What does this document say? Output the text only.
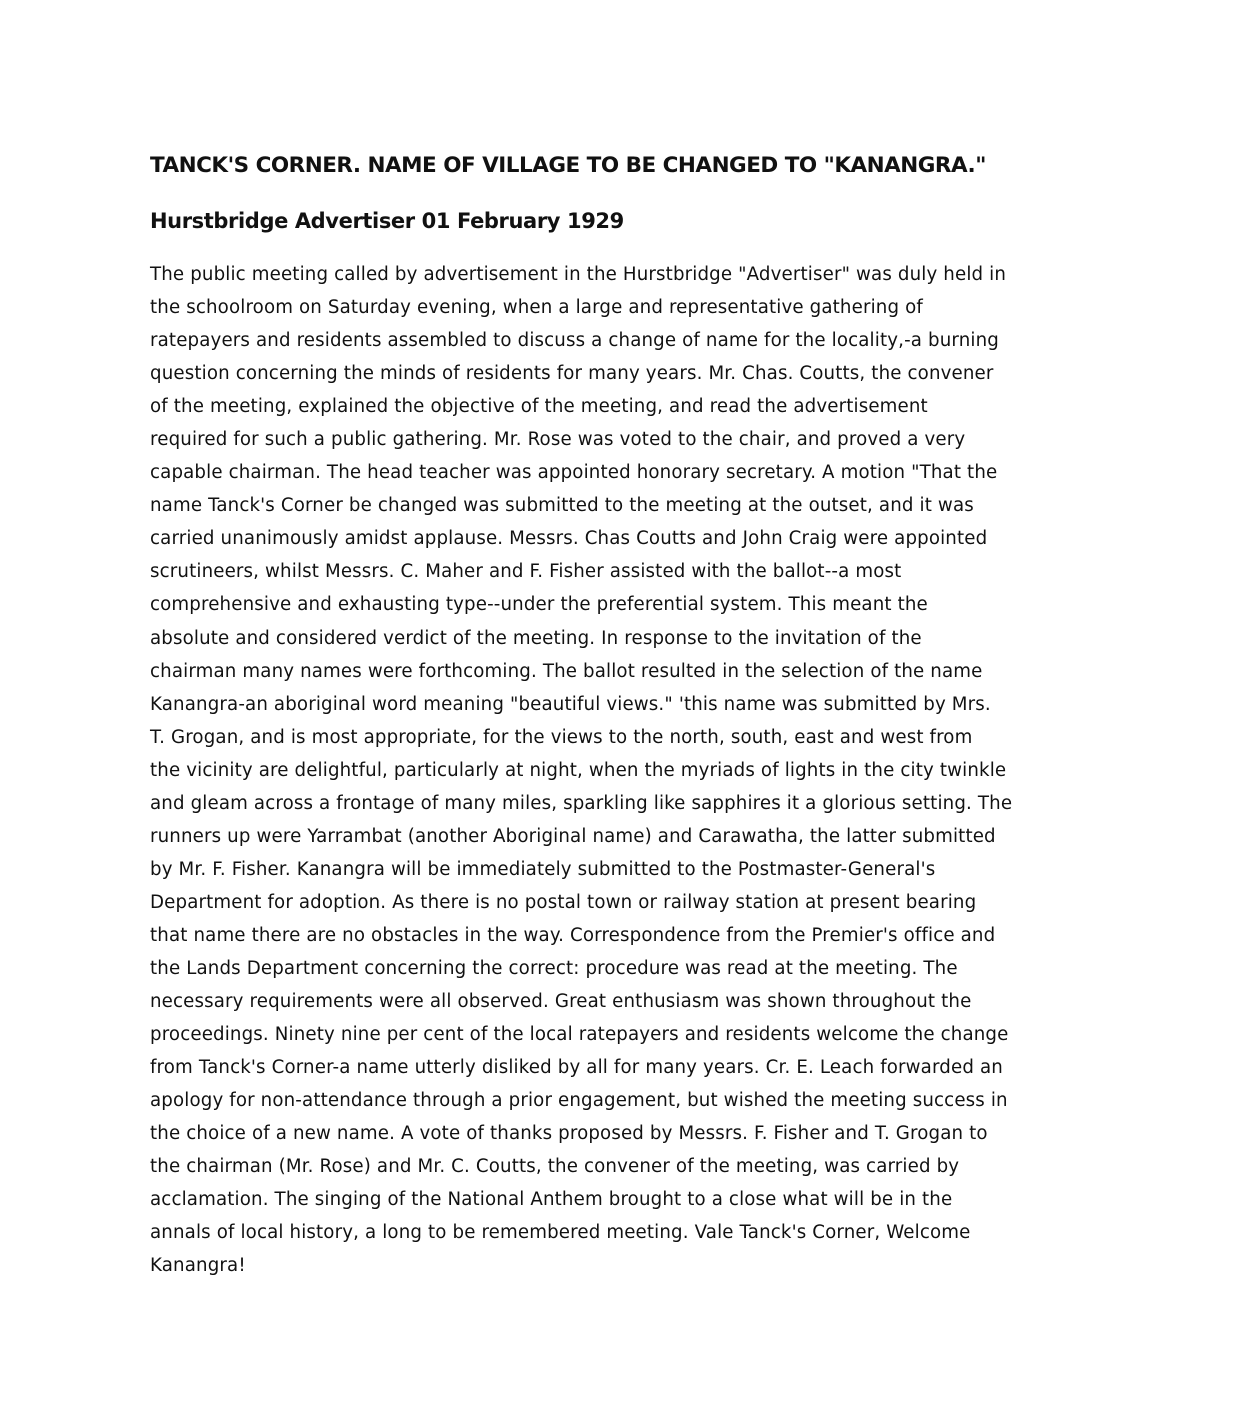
TANCK'S CORNER. NAME OF VILLAGE TO BE CHANGED TO "KANANGRA."
Hurstbridge Advertiser 01 February 1929
The public meeting called by advertisement in the Hurstbridge "Advertiser" was duly held in
the schoolroom on Saturday evening, when a large and representative gathering of
ratepayers and residents assembled to discuss a change of name for the locality,-a burning
question concerning the minds of residents for many years. Mr. Chas. Coutts, the convener
of the meeting, explained the objective of the meeting, and read the advertisement
required for such a public gathering. Mr. Rose was voted to the chair, and proved a very
capable chairman. The head teacher was appointed honorary secretary. A motion "That the
name Tanck's Corner be changed was submitted to the meeting at the outset, and it was
carried unanimously amidst applause. Messrs. Chas Coutts and John Craig were appointed
scrutineers, whilst Messrs. C. Maher and F. Fisher assisted with the ballot--a most
comprehensive and exhausting type--under the preferential system. This meant the
absolute and considered verdict of the meeting. In response to the invitation of the
chairman many names were forthcoming. The ballot resulted in the selection of the name
Kanangra-an aboriginal word meaning "beautiful views." 'this name was submitted by Mrs.
T. Grogan, and is most appropriate, for the views to the north, south, east and west from
the vicinity are delightful, particularly at night, when the myriads of lights in the city twinkle
and gleam across a frontage of many miles, sparkling like sapphires it a glorious setting. The
runners up were Yarrambat (another Aboriginal name) and Carawatha, the latter submitted
by Mr. F. Fisher. Kanangra will be immediately submitted to the Postmaster-General's
Department for adoption. As there is no postal town or railway station at present bearing
that name there are no obstacles in the way. Correspondence from the Premier's office and
the Lands Department concerning the correct: procedure was read at the meeting. The
necessary requirements were all observed. Great enthusiasm was shown throughout the
proceedings. Ninety nine per cent of the local ratepayers and residents welcome the change
from Tanck's Corner-a name utterly disliked by all for many years. Cr. E. Leach forwarded an
apology for non-attendance through a prior engagement, but wished the meeting success in
the choice of a new name. A vote of thanks proposed by Messrs. F. Fisher and T. Grogan to
the chairman (Mr. Rose) and Mr. C. Coutts, the convener of the meeting, was carried by
acclamation. The singing of the National Anthem brought to a close what will be in the
annals of local history, a long to be remembered meeting. Vale Tanck's Corner, Welcome
Kanangra!
